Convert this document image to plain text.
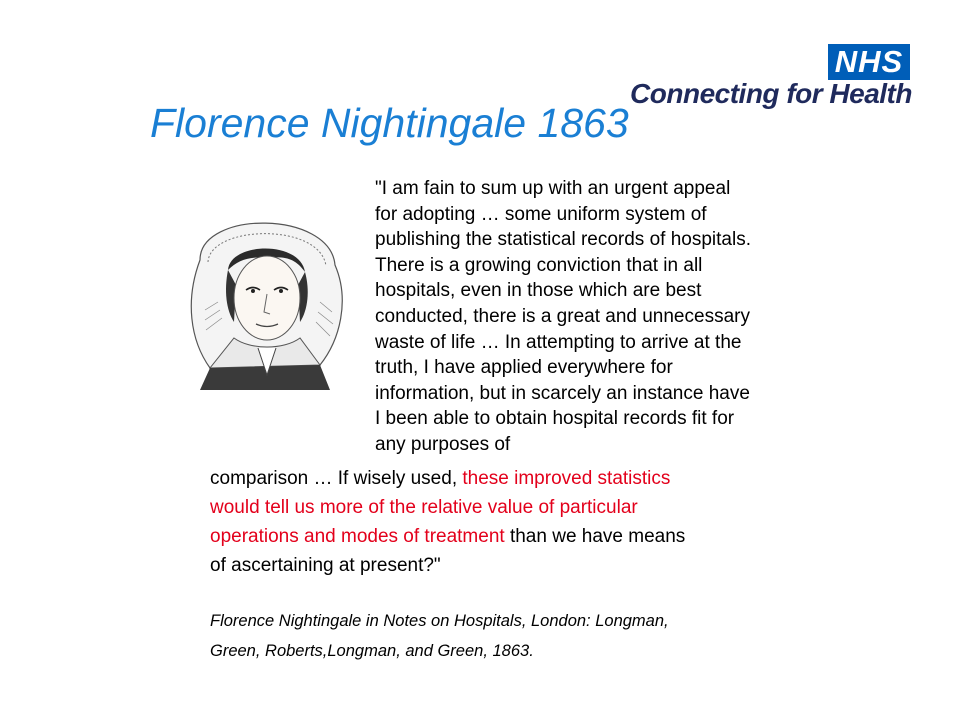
NHS
Connecting for Health
Florence Nightingale 1863
"I am fain to sum up with an urgent appeal
for adopting … some uniform system of
publishing the statistical records of hospitals.
There is a growing conviction that in all
hospitals, even in those which are best
conducted, there is a great and unnecessary
waste of life … In attempting to arrive at the
truth, I have applied everywhere for
information, but in scarcely an instance have
I been able to obtain hospital records fit for
any purposes of
comparison … If wisely used, these improved statistics
would tell us more of the relative value of particular
operations and modes of treatment than we have means
of ascertaining at present?"
Florence Nightingale in Notes on Hospitals, London: Longman,
Green, Roberts,Longman, and Green, 1863.
